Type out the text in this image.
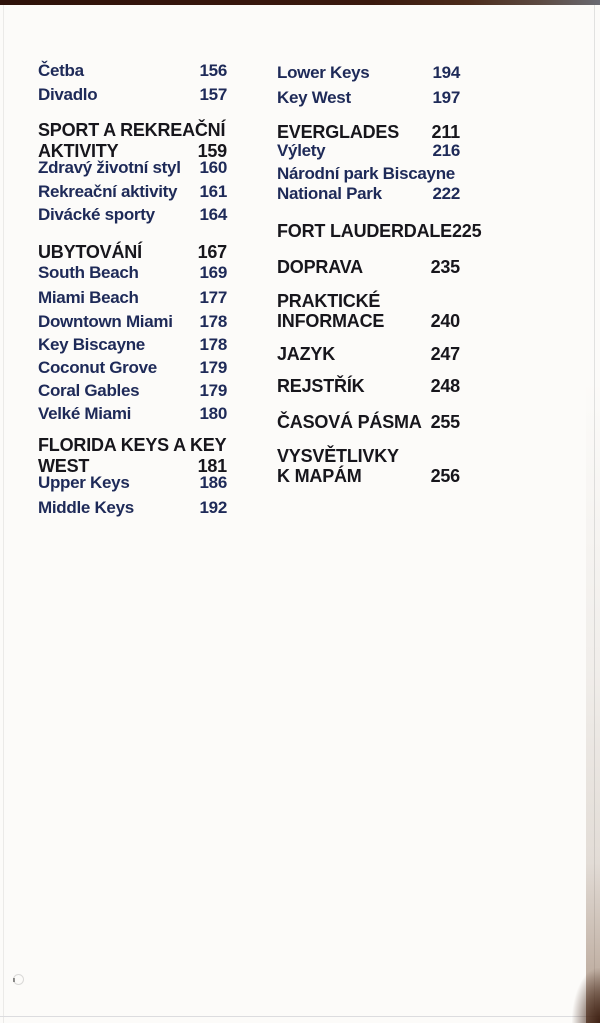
Četba	156
Divadlo	157
SPORT A REKREAČNÍ
AKTIVITY	159
Zdravý životní styl 160
Rekreační aktivity 161
Divácké sporty	164
UBYTOVÁNÍ	167
South Beach	169
Miami Beach	177
Downtown Miami 178
Key Biscayne	178
Coconut Grove	179
Coral Gables	179
Velké Miami	180
FLORIDA KEYS A KEY
WEST	181
Upper Keys	186
Middle Keys	192
Lower Keys	194
Key West	197
EVERGLADES 211
Výlety	216
Národní park Biscayne
National Park	222
FORT LAUDERDALE 225
DOPRAVA	235
PRAKTICKÉ
INFORMACE	240
JAZYK	247
REJSTŘÍK	248
ČASOVÁ PÁSMA 255
VYSVĚTLIVKY
K MAPÁM	256
